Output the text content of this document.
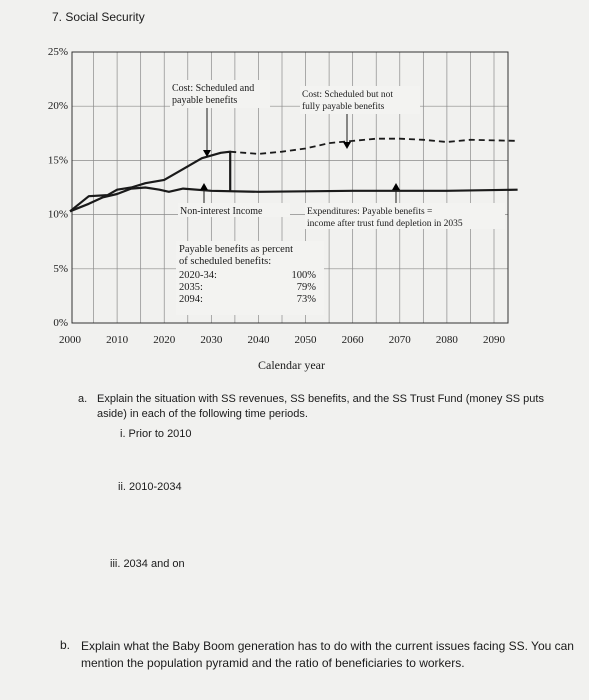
7. Social Security
0%
5%
10%
15%
20%
25%
2000 2010 2020 2030 2040 2050 2060 2070 2080 2090
Cost: Scheduled and
payable benefits	Cost: Scheduled but not
fully payable benefits
Non-interest Income	Expenditures: Payable benefits =
income after trust fund depletion in 2035
Payable benefits as percent
of scheduled benefits:
2020-34:	100%
2035:	79%
2094:	73%
Calendar year
a. Explain the situation with SS revenues, SS benefits, and the SS Trust Fund (money SS puts aside) in each of the following time periods.
i. Prior to 2010
ii. 2010-2034
iii. 2034 and on
b. Explain what the Baby Boom generation has to do with the current issues facing SS. You can mention the population pyramid and the ratio of beneficiaries to workers.
